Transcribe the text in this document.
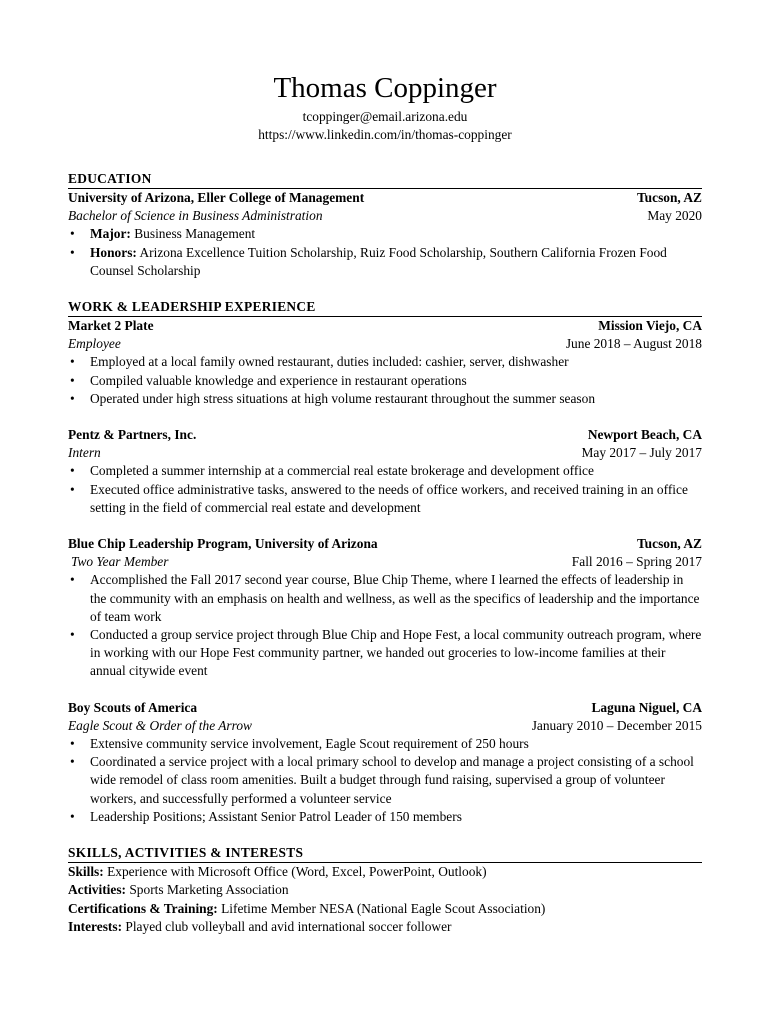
Thomas Coppinger
tcoppinger@email.arizona.edu
https://www.linkedin.com/in/thomas-coppinger
EDUCATION
University of Arizona, Eller College of Management	Tucson, AZ
Bachelor of Science in Business Administration	May 2020
• Major: Business Management
• Honors: Arizona Excellence Tuition Scholarship, Ruiz Food Scholarship, Southern California Frozen Food Counsel Scholarship
WORK & LEADERSHIP EXPERIENCE
Market 2 Plate	Mission Viejo, CA
Employee	June 2018 – August 2018
• Employed at a local family owned restaurant, duties included: cashier, server, dishwasher
• Compiled valuable knowledge and experience in restaurant operations
• Operated under high stress situations at high volume restaurant throughout the summer season
Pentz & Partners, Inc.	Newport Beach, CA
Intern	May 2017 – July 2017
• Completed a summer internship at a commercial real estate brokerage and development office
• Executed office administrative tasks, answered to the needs of office workers, and received training in an office setting in the field of commercial real estate and development
Blue Chip Leadership Program, University of Arizona	Tucson, AZ
Two Year Member	Fall 2016 – Spring 2017
• Accomplished the Fall 2017 second year course, Blue Chip Theme, where I learned the effects of leadership in the community with an emphasis on health and wellness, as well as the specifics of leadership and the importance of team work
• Conducted a group service project through Blue Chip and Hope Fest, a local community outreach program, where in working with our Hope Fest community partner, we handed out groceries to low-income families at their annual citywide event
Boy Scouts of America	Laguna Niguel, CA
Eagle Scout & Order of the Arrow	January 2010 – December 2015
• Extensive community service involvement, Eagle Scout requirement of 250 hours
• Coordinated a service project with a local primary school to develop and manage a project consisting of a school wide remodel of class room amenities. Built a budget through fund raising, supervised a group of volunteer workers, and successfully performed a volunteer service
• Leadership Positions; Assistant Senior Patrol Leader of 150 members
SKILLS, ACTIVITIES & INTERESTS
Skills: Experience with Microsoft Office (Word, Excel, PowerPoint, Outlook)
Activities: Sports Marketing Association
Certifications & Training: Lifetime Member NESA (National Eagle Scout Association)
Interests: Played club volleyball and avid international soccer follower
